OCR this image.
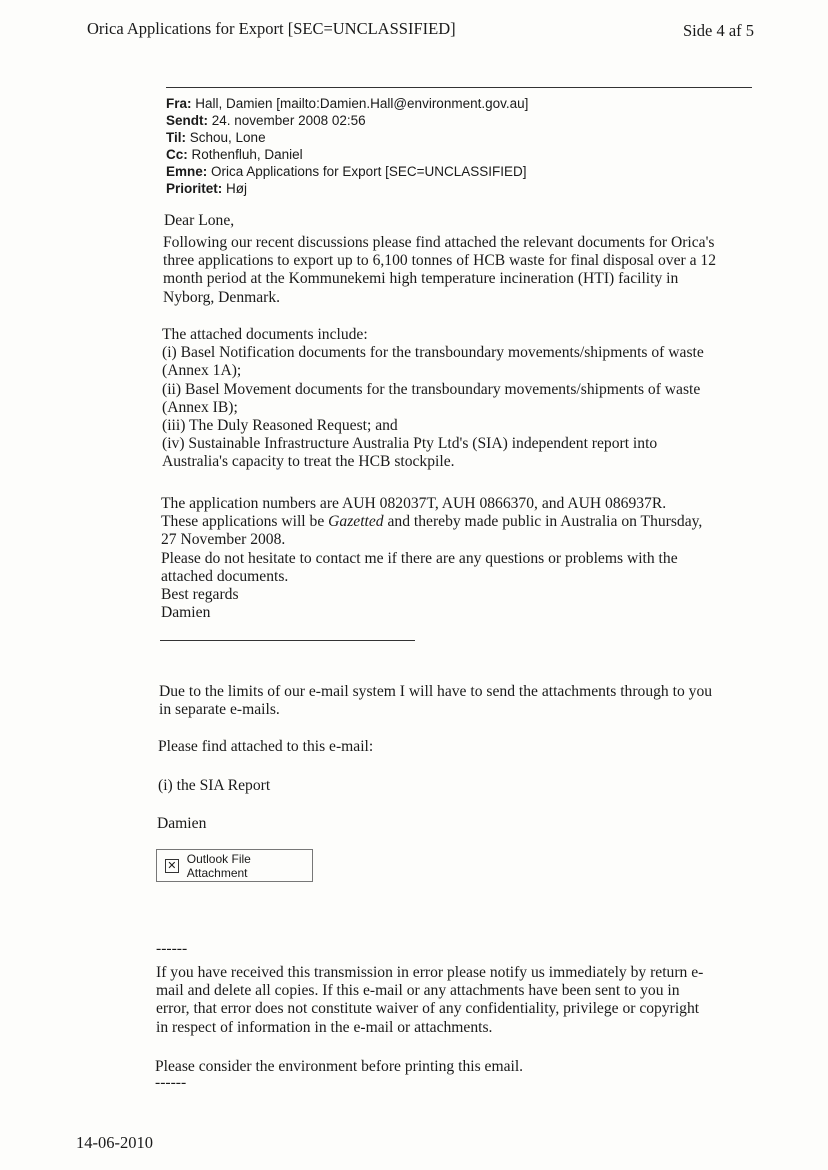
Orica Applications for Export [SEC=UNCLASSIFIED]	Side 4 af 5
Fra: Hall, Damien [mailto:Damien.Hall@environment.gov.au]
Sendt: 24. november 2008 02:56
Til: Schou, Lone
Cc: Rothenfluh, Daniel
Emne: Orica Applications for Export [SEC=UNCLASSIFIED]
Prioritet: Høj
Dear Lone,
Following our recent discussions please find attached the relevant documents for Orica's
three applications to export up to 6,100 tonnes of HCB waste for final disposal over a 12
month period at the Kommunekemi high temperature incineration (HTI) facility in
Nyborg, Denmark.
The attached documents include:
(i) Basel Notification documents for the transboundary movements/shipments of waste
(Annex 1A);
(ii) Basel Movement documents for the transboundary movements/shipments of waste
(Annex IB);
(iii) The Duly Reasoned Request; and
(iv) Sustainable Infrastructure Australia Pty Ltd's (SIA) independent report into
Australia's capacity to treat the HCB stockpile.
The application numbers are AUH 082037T, AUH 0866370, and AUH 086937R.
These applications will be Gazetted and thereby made public in Australia on Thursday,
27 November 2008.
Please do not hesitate to contact me if there are any questions or problems with the
attached documents.
Best regards
Damien
Due to the limits of our e-mail system I will have to send the attachments through to you
in separate e-mails.
Please find attached to this e-mail:
(i) the SIA Report
Damien
✕ Outlook File Attachment
------
If you have received this transmission in error please notify us immediately by return e-
mail and delete all copies. If this e-mail or any attachments have been sent to you in
error, that error does not constitute waiver of any confidentiality, privilege or copyright
in respect of information in the e-mail or attachments.
Please consider the environment before printing this email.
------
14-06-2010
